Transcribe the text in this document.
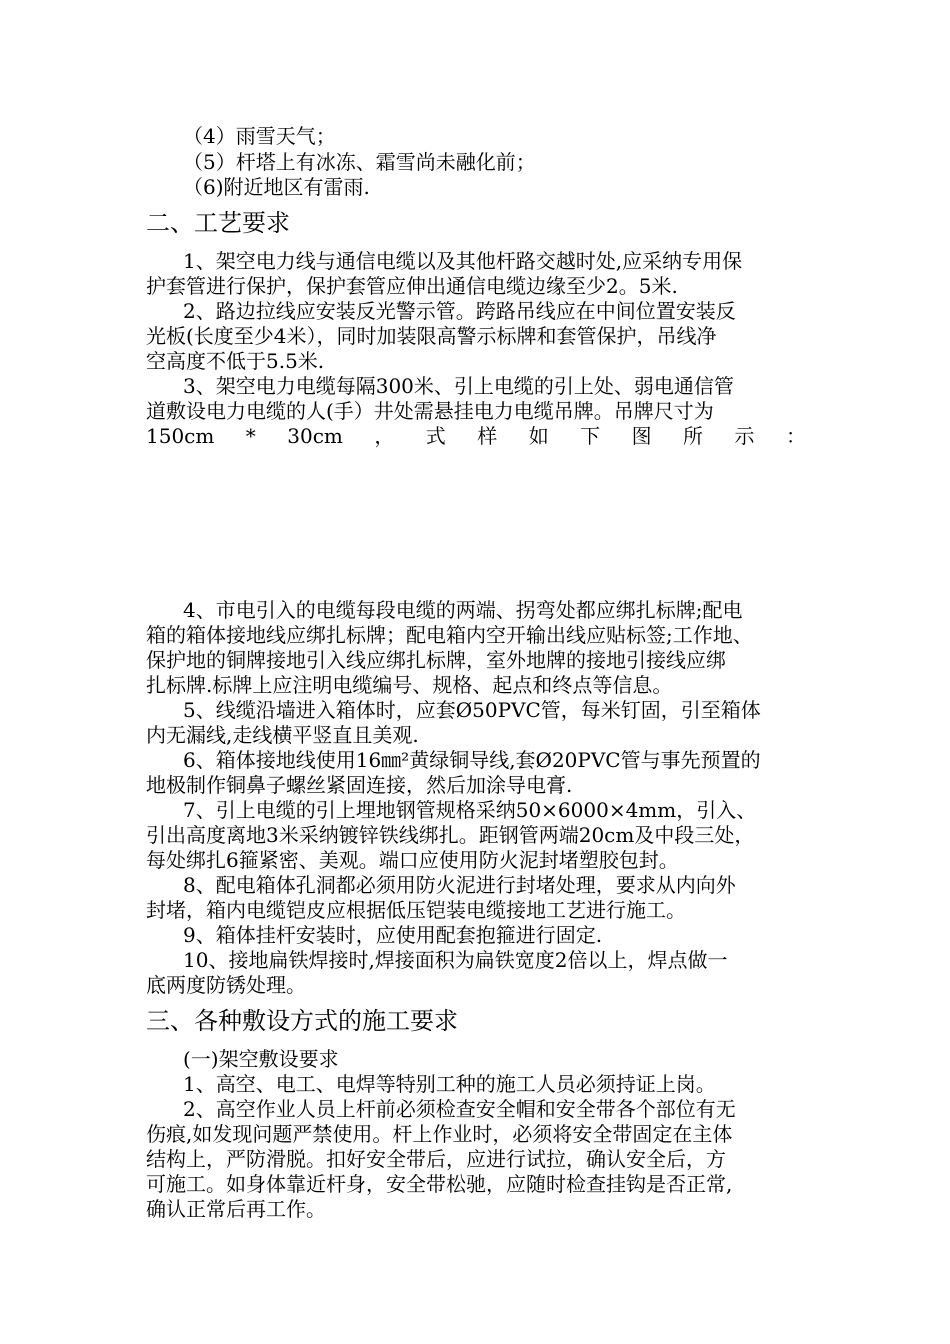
（4）雨雪天气；
（5）杆塔上有冰冻、霜雪尚未融化前；
（6)附近地区有雷雨.
二、工艺要求
1、架空电力线与通信电缆以及其他杆路交越时处,应采纳专用保
护套管进行保护，保护套管应伸出通信电缆边缘至少2。5米.
2、路边拉线应安装反光警示管。跨路吊线应在中间位置安装反
光板(长度至少4米），同时加装限高警示标牌和套管保护，吊线净
空高度不低于5.5米.
3、架空电力电缆每隔300米、引上电缆的引上处、弱电通信管
道敷设电力电缆的人(手）井处需悬挂电力电缆吊牌。吊牌尺寸为
150cm * 30cm ， 式 样 如 下 图 所 示 ：
4、市电引入的电缆每段电缆的两端、拐弯处都应绑扎标牌;配电
箱的箱体接地线应绑扎标牌；配电箱内空开输出线应贴标签;工作地、
保护地的铜牌接地引入线应绑扎标牌，室外地牌的接地引接线应绑
扎标牌.标牌上应注明电缆编号、规格、起点和终点等信息。
5、线缆沿墙进入箱体时，应套Ø50PVC管，每米钉固，引至箱体
内无漏线,走线横平竖直且美观.
6、箱体接地线使用16㎜²黄绿铜导线,套Ø20PVC管与事先预置的
地极制作铜鼻子螺丝紧固连接，然后加涂导电膏.
7、引上电缆的引上埋地钢管规格采纳50×6000×4mm，引入、
引出高度离地3米采纳镀锌铁线绑扎。距钢管两端20cm及中段三处，
每处绑扎6箍紧密、美观。端口应使用防火泥封堵塑胶包封。
8、配电箱体孔洞都必须用防火泥进行封堵处理，要求从内向外
封堵，箱内电缆铠皮应根据低压铠装电缆接地工艺进行施工。
9、箱体挂杆安装时，应使用配套抱箍进行固定.
10、接地扁铁焊接时,焊接面积为扁铁宽度2倍以上，焊点做一
底两度防锈处理。
三、各种敷设方式的施工要求
(一)架空敷设要求
1、高空、电工、电焊等特别工种的施工人员必须持证上岗。
2、高空作业人员上杆前必须检查安全帽和安全带各个部位有无
伤痕,如发现问题严禁使用。杆上作业时，必须将安全带固定在主体
结构上，严防滑脱。扣好安全带后，应进行试拉，确认安全后，方
可施工。如身体靠近杆身，安全带松驰，应随时检查挂钩是否正常,
确认正常后再工作。
